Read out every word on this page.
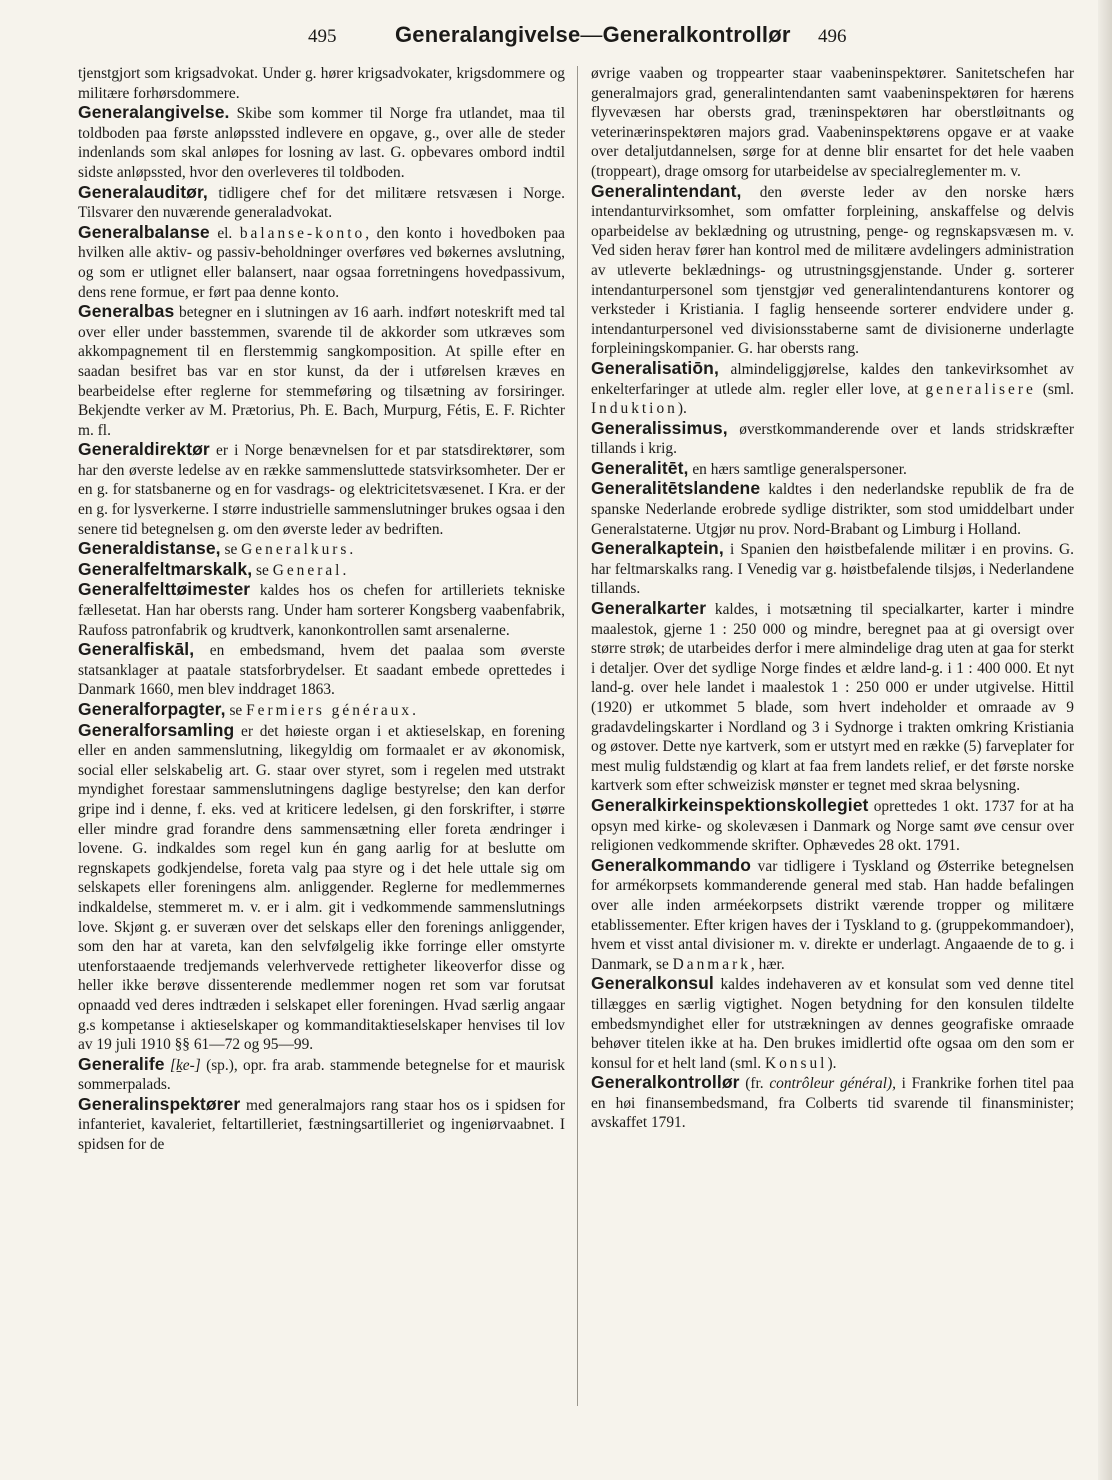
495	Generalangivelse—Generalkontrollør 496

tjenstgjort som krigsadvokat. Under g. hører krigsadvokater, krigsdommere og militære forhørsdommere.

Generalangivelse. Skibe som kommer til Norge fra utlandet, maa til toldboden paa første anløpssted indlevere en opgave, g., over alle de steder indenlands som skal anløpes for losning av last. G. opbevares ombord indtil sidste anløpssted, hvor den overleveres til toldboden.

Generalauditør, tidligere chef for det militære retsvæsen i Norge. Tilsvarer den nuværende generaladvokat.

Generalbalanse el. balanse-konto, den konto i hovedboken paa hvilken alle aktiv- og passiv-beholdninger overføres ved bøkernes avslutning, og som er utlignet eller balansert, naar ogsaa forretningens hovedpassivum, dens rene formue, er ført paa denne konto.

Generalbas betegner en i slutningen av 16 aarh. indført noteskrift med tal over eller under basstemmen, svarende til de akkorder som utkræves som akkompagnement til en flerstemmig sangkomposition. At spille efter en saadan besifret bas var en stor kunst, da der i utførelsen kræves en bearbeidelse efter reglerne for stemmeføring og tilsætning av forsiringer. Bekjendte verker av M. Prætorius, Ph. E. Bach, Murpurg, Fétis, E. F. Richter m. fl.

Generaldirektør er i Norge benævnelsen for et par statsdirektører, som har den øverste ledelse av en række sammensluttede statsvirksomheter. Der er en g. for statsbanerne og en for vasdrags- og elektricitetsvæsenet. I Kra. er der en g. for lysverkerne. I større industrielle sammenslutninger brukes ogsaa i den senere tid betegnelsen g. om den øverste leder av bedriften.

Generaldistanse, se Generalkurs.

Generalfeltmarskalk, se General.

Generalfelttøimester kaldes hos os chefen for artilleriets tekniske fællesetat. Han har obersts rang. Under ham sorterer Kongsberg vaabenfabrik, Raufoss patronfabrik og krudtverk, kanonkontrollen samt arsenalerne.

Generalfiskāl, en embedsmand, hvem det paalaa som øverste statsanklager at paatale statsforbrydelser. Et saadant embede oprettedes i Danmark 1660, men blev inddraget 1863.

Generalforpagter, se Fermiers généraux.

Generalforsamling er det høieste organ i et aktieselskap, en forening eller en anden sammenslutning, likegyldig om formaalet er av økonomisk, social eller selskabelig art. G. staar over styret, som i regelen med utstrakt myndighet forestaar sammenslutningens daglige bestyrelse; den kan derfor gripe ind i denne, f. eks. ved at kriticere ledelsen, gi den forskrifter, i større eller mindre grad forandre dens sammensætning eller foreta ændringer i lovene. G. indkaldes som regel kun én gang aarlig for at beslutte om regnskapets godkjendelse, foreta valg paa styre og i det hele uttale sig om selskapets eller foreningens alm. anliggender. Reglerne for medlemmernes indkaldelse, stemmeret m. v. er i alm. git i vedkommende sammenslutnings love. Skjønt g. er suveræn over det selskaps eller den forenings anliggender, som den har at vareta, kan den selvfølgelig ikke forringe eller omstyrte utenforstaaende tredjemands velerhvervede rettigheter likeoverfor disse og heller ikke berøve dissenterende medlemmer nogen ret som var forutsat opnaadd ved deres indtræden i selskapet eller foreningen. Hvad særlig angaar g.s kompetanse i aktieselskaper og kommanditaktieselskaper henvises til lov av 19 juli 1910 §§ 61—72 og 95—99.

Generalife [ḵe-] (sp.), opr. fra arab. stammende betegnelse for et maurisk sommerpalads.

Generalinspektører med generalmajors rang staar hos os i spidsen for infanteriet, kavaleriet, feltartilleriet, fæstningsartilleriet og ingeniørvaabnet. I spidsen for de

øvrige vaaben og troppearter staar vaabeninspektører. Sanitetschefen har generalmajors grad, generalintendanten samt vaabeninspektøren for hærens flyvevæsen har obersts grad, træninspektøren har oberstløitnants og veterinærinspektøren majors grad. Vaabeninspektørens opgave er at vaake over detaljutdannelsen, sørge for at denne blir ensartet for det hele vaaben (troppeart), drage omsorg for utarbeidelse av specialreglementer m. v.

Generalintendant, den øverste leder av den norske hærs intendanturvirksomhet, som omfatter forpleining, anskaffelse og delvis oparbeidelse av beklædning og utrustning, penge- og regnskapsvæsen m. v. Ved siden herav fører han kontrol med de militære avdelingers administration av utleverte beklædnings- og utrustningsgjenstande. Under g. sorterer intendanturpersonel som tjenstgjør ved generalintendanturens kontorer og verksteder i Kristiania. I faglig henseende sorterer endvidere under g. intendanturpersonel ved divisionsstaberne samt de divisionerne underlagte forpleiningskompanier. G. har obersts rang.

Generalisatiōn, almindeliggjørelse, kaldes den tankevirksomhet av enkelterfaringer at utlede alm. regler eller love, at generalisere (sml. Induktion).

Generalissimus, øverstkommanderende over et lands stridskræfter tillands i krig.

Generalitēt, en hærs samtlige generalspersoner.

Generalitētslandene kaldtes i den nederlandske republik de fra de spanske Nederlande erobrede sydlige distrikter, som stod umiddelbart under Generalstaterne. Utgjør nu prov. Nord-Brabant og Limburg i Holland.

Generalkaptein, i Spanien den høistbefalende militær i en provins. G. har feltmarskalks rang. I Venedig var g. høistbefalende tilsjøs, i Nederlandene tillands.

Generalkarter kaldes, i motsætning til specialkarter, karter i mindre maalestok, gjerne 1 : 250 000 og mindre, beregnet paa at gi oversigt over større strøk; de utarbeides derfor i mere almindelige drag uten at gaa for sterkt i detaljer. Over det sydlige Norge findes et ældre land-g. i 1 : 400 000. Et nyt land-g. over hele landet i maalestok 1 : 250 000 er under utgivelse. Hittil (1920) er utkommet 5 blade, som hvert indeholder et omraade av 9 gradavdelingskarter i Nordland og 3 i Sydnorge i trakten omkring Kristiania og østover. Dette nye kartverk, som er utstyrt med en række (5) farveplater for mest mulig fuldstændig og klart at faa frem landets relief, er det første norske kartverk som efter schweizisk mønster er tegnet med skraa belysning.

Generalkirkeinspektionskollegiet oprettedes 1 okt. 1737 for at ha opsyn med kirke- og skolevæsen i Danmark og Norge samt øve censur over religionen vedkommende skrifter. Ophævedes 28 okt. 1791.

Generalkommando var tidligere i Tyskland og Østerrike betegnelsen for armékorpsets kommanderende general med stab. Han hadde befalingen over alle inden arméekorpsets distrikt værende tropper og militære etablissementer. Efter krigen haves der i Tyskland to g. (gruppekommandoer), hvem et visst antal divisioner m. v. direkte er underlagt. Angaaende de to g. i Danmark, se Danmark, hær.

Generalkonsul kaldes indehaveren av et konsulat som ved denne titel tillægges en særlig vigtighet. Nogen betydning for den konsulen tildelte embedsmyndighet eller for utstrækningen av dennes geografiske omraade behøver titelen ikke at ha. Den brukes imidlertid ofte ogsaa om den som er konsul for et helt land (sml. Konsul).

Generalkontrollør (fr. contrôleur général), i Frankrike forhen titel paa en høi finansembedsmand, fra Colberts tid svarende til finansminister; avskaffet 1791.
